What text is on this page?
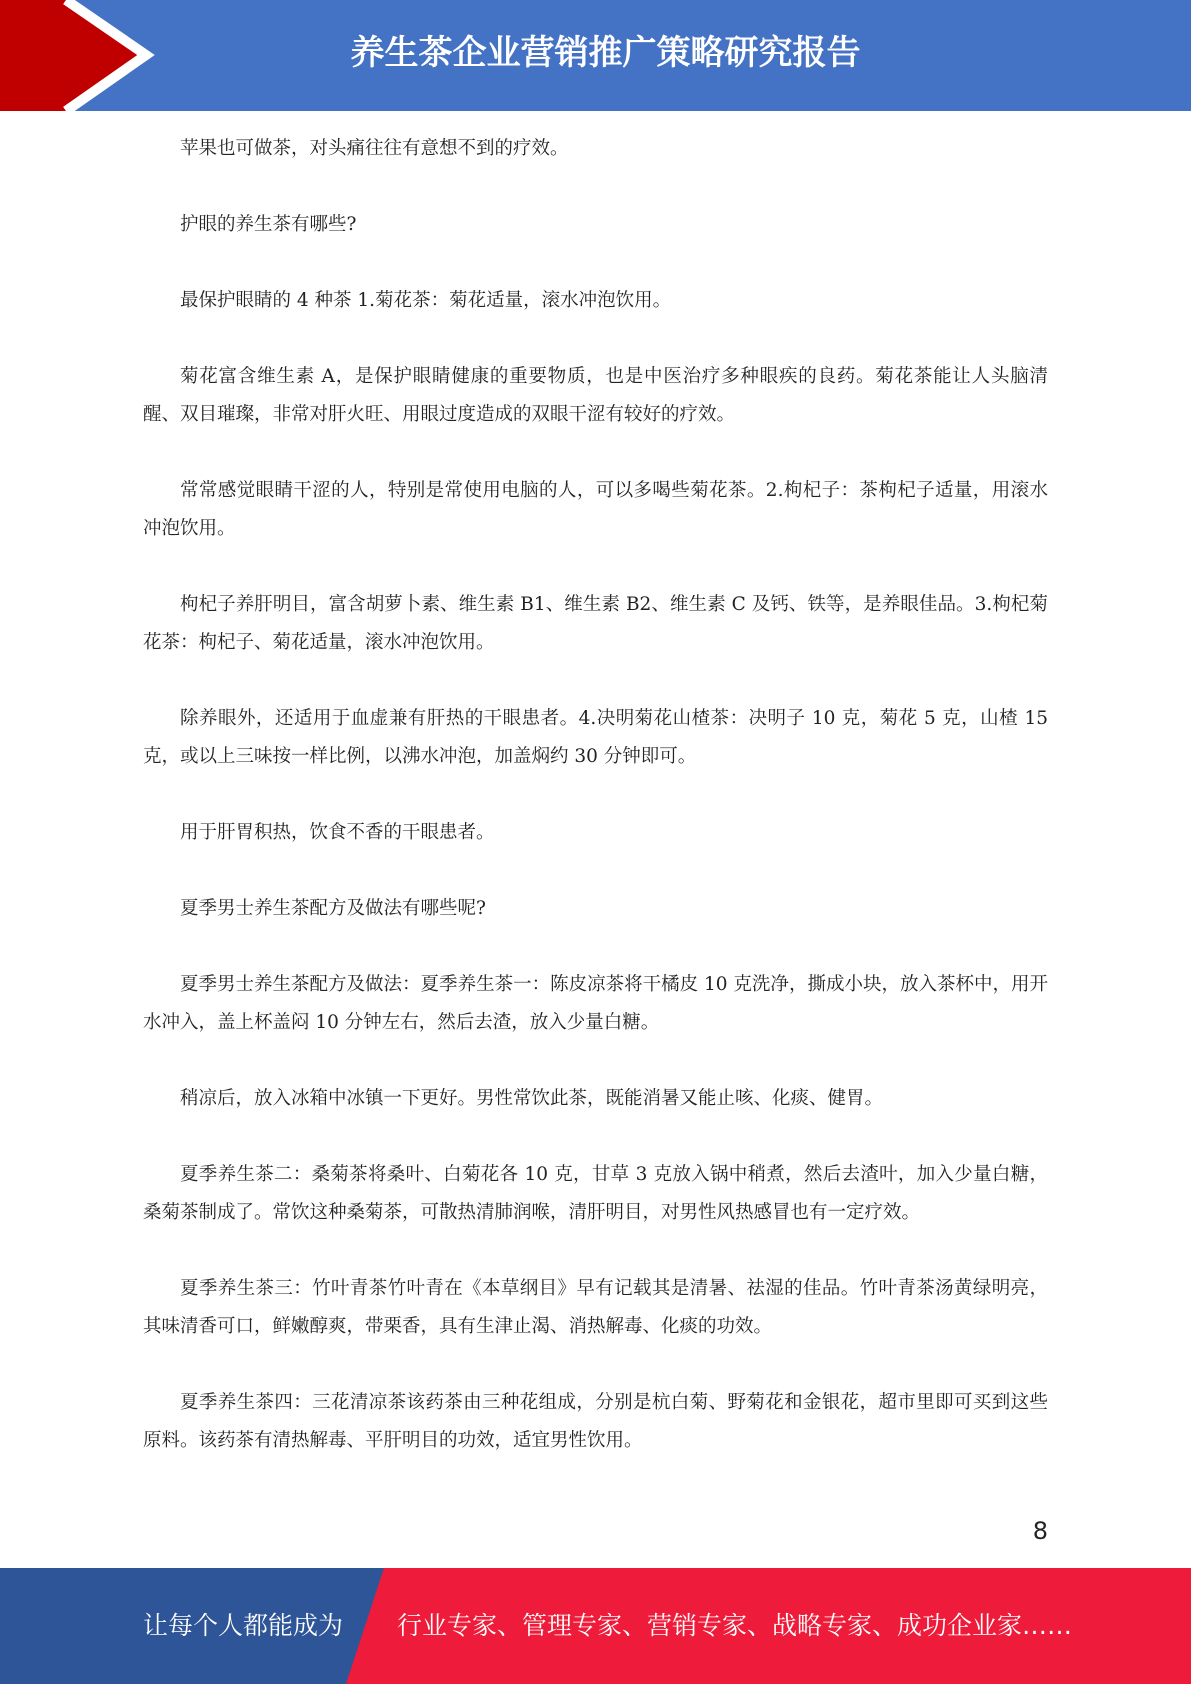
养生茶企业营销推广策略研究报告

苹果也可做茶，对头痛往往有意想不到的疗效。

护眼的养生茶有哪些?

最保护眼睛的 4 种茶 1.菊花茶：菊花适量，滚水冲泡饮用。

菊花富含维生素 A，是保护眼睛健康的重要物质，也是中医治疗多种眼疾的良药。菊花茶能让人头脑清醒、双目璀璨，非常对肝火旺、用眼过度造成的双眼干涩有较好的疗效。

常常感觉眼睛干涩的人，特别是常使用电脑的人，可以多喝些菊花茶。2.枸杞子：茶枸杞子适量，用滚水冲泡饮用。

枸杞子养肝明目，富含胡萝卜素、维生素 B1、维生素 B2、维生素 C 及钙、铁等，是养眼佳品。3.枸杞菊花茶：枸杞子、菊花适量，滚水冲泡饮用。

除养眼外，还适用于血虚兼有肝热的干眼患者。4.决明菊花山楂茶：决明子 10 克，菊花 5 克，山楂 15 克，或以上三味按一样比例，以沸水冲泡，加盖焖约 30 分钟即可。

用于肝胃积热，饮食不香的干眼患者。

夏季男士养生茶配方及做法有哪些呢?

夏季男士养生茶配方及做法：夏季养生茶一：陈皮凉茶将干橘皮 10 克洗净，撕成小块，放入茶杯中，用开水冲入，盖上杯盖闷 10 分钟左右，然后去渣，放入少量白糖。

稍凉后，放入冰箱中冰镇一下更好。男性常饮此茶，既能消暑又能止咳、化痰、健胃。

夏季养生茶二：桑菊茶将桑叶、白菊花各 10 克，甘草 3 克放入锅中稍煮，然后去渣叶，加入少量白糖，桑菊茶制成了。常饮这种桑菊茶，可散热清肺润喉，清肝明目，对男性风热感冒也有一定疗效。

夏季养生茶三：竹叶青茶竹叶青在《本草纲目》早有记载其是清暑、祛湿的佳品。竹叶青茶汤黄绿明亮，其味清香可口，鲜嫩醇爽，带栗香，具有生津止渴、消热解毒、化痰的功效。

夏季养生茶四：三花清凉茶该药茶由三种花组成，分别是杭白菊、野菊花和金银花，超市里即可买到这些原料。该药茶有清热解毒、平肝明目的功效，适宜男性饮用。

8
让每个人都能成为 行业专家、管理专家、营销专家、战略专家、成功企业家……
